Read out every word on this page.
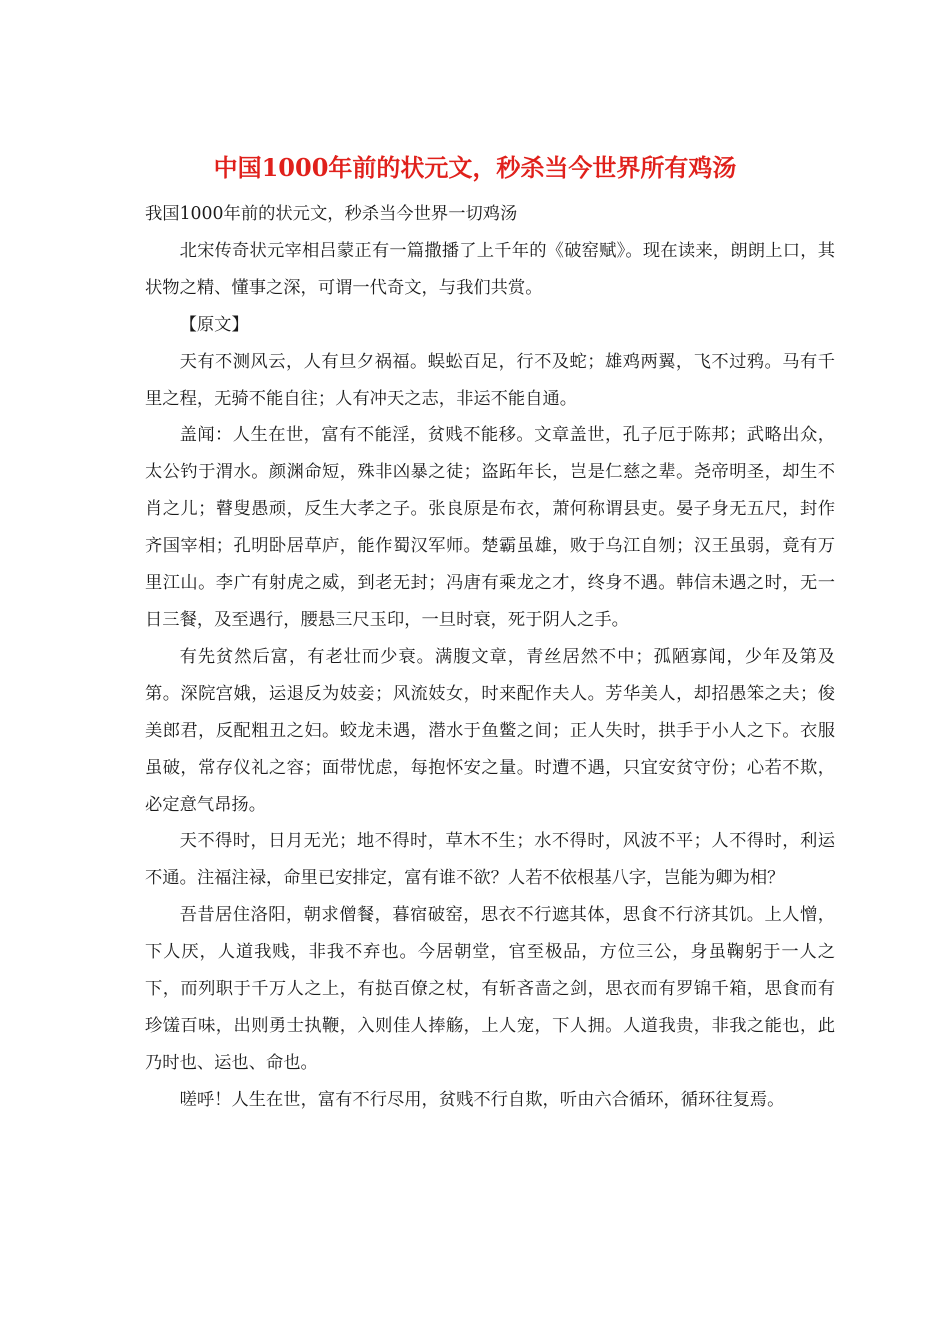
中国1000年前的状元文，秒杀当今世界所有鸡汤

我国1000年前的状元文，秒杀当今世界一切鸡汤

北宋传奇状元宰相吕蒙正有一篇撒播了上千年的《破窑赋》。现在读来，朗朗上口，其状物之精、懂事之深，可谓一代奇文，与我们共赏。

【原文】

天有不测风云，人有旦夕祸福。蜈蚣百足，行不及蛇；雄鸡两翼，飞不过鸦。马有千里之程，无骑不能自往；人有冲天之志，非运不能自通。

盖闻：人生在世，富有不能淫，贫贱不能移。文章盖世，孔子厄于陈邦；武略出众，太公钓于渭水。颜渊命短，殊非凶暴之徒；盗跖年长，岂是仁慈之辈。尧帝明圣，却生不肖之儿；瞽叟愚顽，反生大孝之子。张良原是布衣，萧何称谓县吏。晏子身无五尺，封作齐国宰相；孔明卧居草庐，能作蜀汉军师。楚霸虽雄，败于乌江自刎；汉王虽弱，竟有万里江山。李广有射虎之威，到老无封；冯唐有乘龙之才，终身不遇。韩信未遇之时，无一日三餐，及至遇行，腰悬三尺玉印，一旦时衰，死于阴人之手。

有先贫然后富，有老壮而少衰。满腹文章，青丝居然不中；孤陋寡闻，少年及第及第。深院宫娥，运退反为妓妾；风流妓女，时来配作夫人。芳华美人，却招愚笨之夫；俊美郎君，反配粗丑之妇。蛟龙未遇，潜水于鱼鳖之间；正人失时，拱手于小人之下。衣服虽破，常存仪礼之容；面带忧虑，每抱怀安之量。时遭不遇，只宜安贫守份；心若不欺，必定意气昂扬。

天不得时，日月无光；地不得时，草木不生；水不得时，风波不平；人不得时，利运不通。注福注禄，命里已安排定，富有谁不欲？人若不依根基八字，岂能为卿为相？

吾昔居住洛阳，朝求僧餐，暮宿破窑，思衣不行遮其体，思食不行济其饥。上人憎，下人厌，人道我贱，非我不弃也。今居朝堂，官至极品，方位三公，身虽鞠躬于一人之下，而列职于千万人之上，有挞百僚之杖，有斩吝啬之剑，思衣而有罗锦千箱，思食而有珍馐百味，出则勇士执鞭，入则佳人捧觞，上人宠，下人拥。人道我贵，非我之能也，此乃时也、运也、命也。

嗟呼！人生在世，富有不行尽用，贫贱不行自欺，听由六合循环，循环往复焉。
